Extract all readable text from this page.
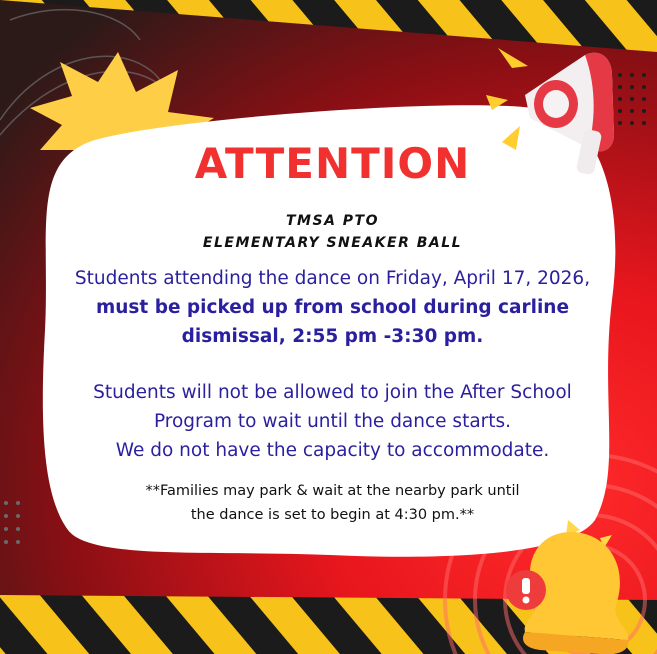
ATTENTION
TMSA PTO
ELEMENTARY SNEAKER BALL
Students attending the dance on Friday, April 17, 2026,
must be picked up from school during carline
dismissal, 2:55 pm -3:30 pm.
Students will not be allowed to join the After School
Program to wait until the dance starts.
We do not have the capacity to accommodate.
**Families may park & wait at the nearby park until
the dance is set to begin at 4:30 pm.**
